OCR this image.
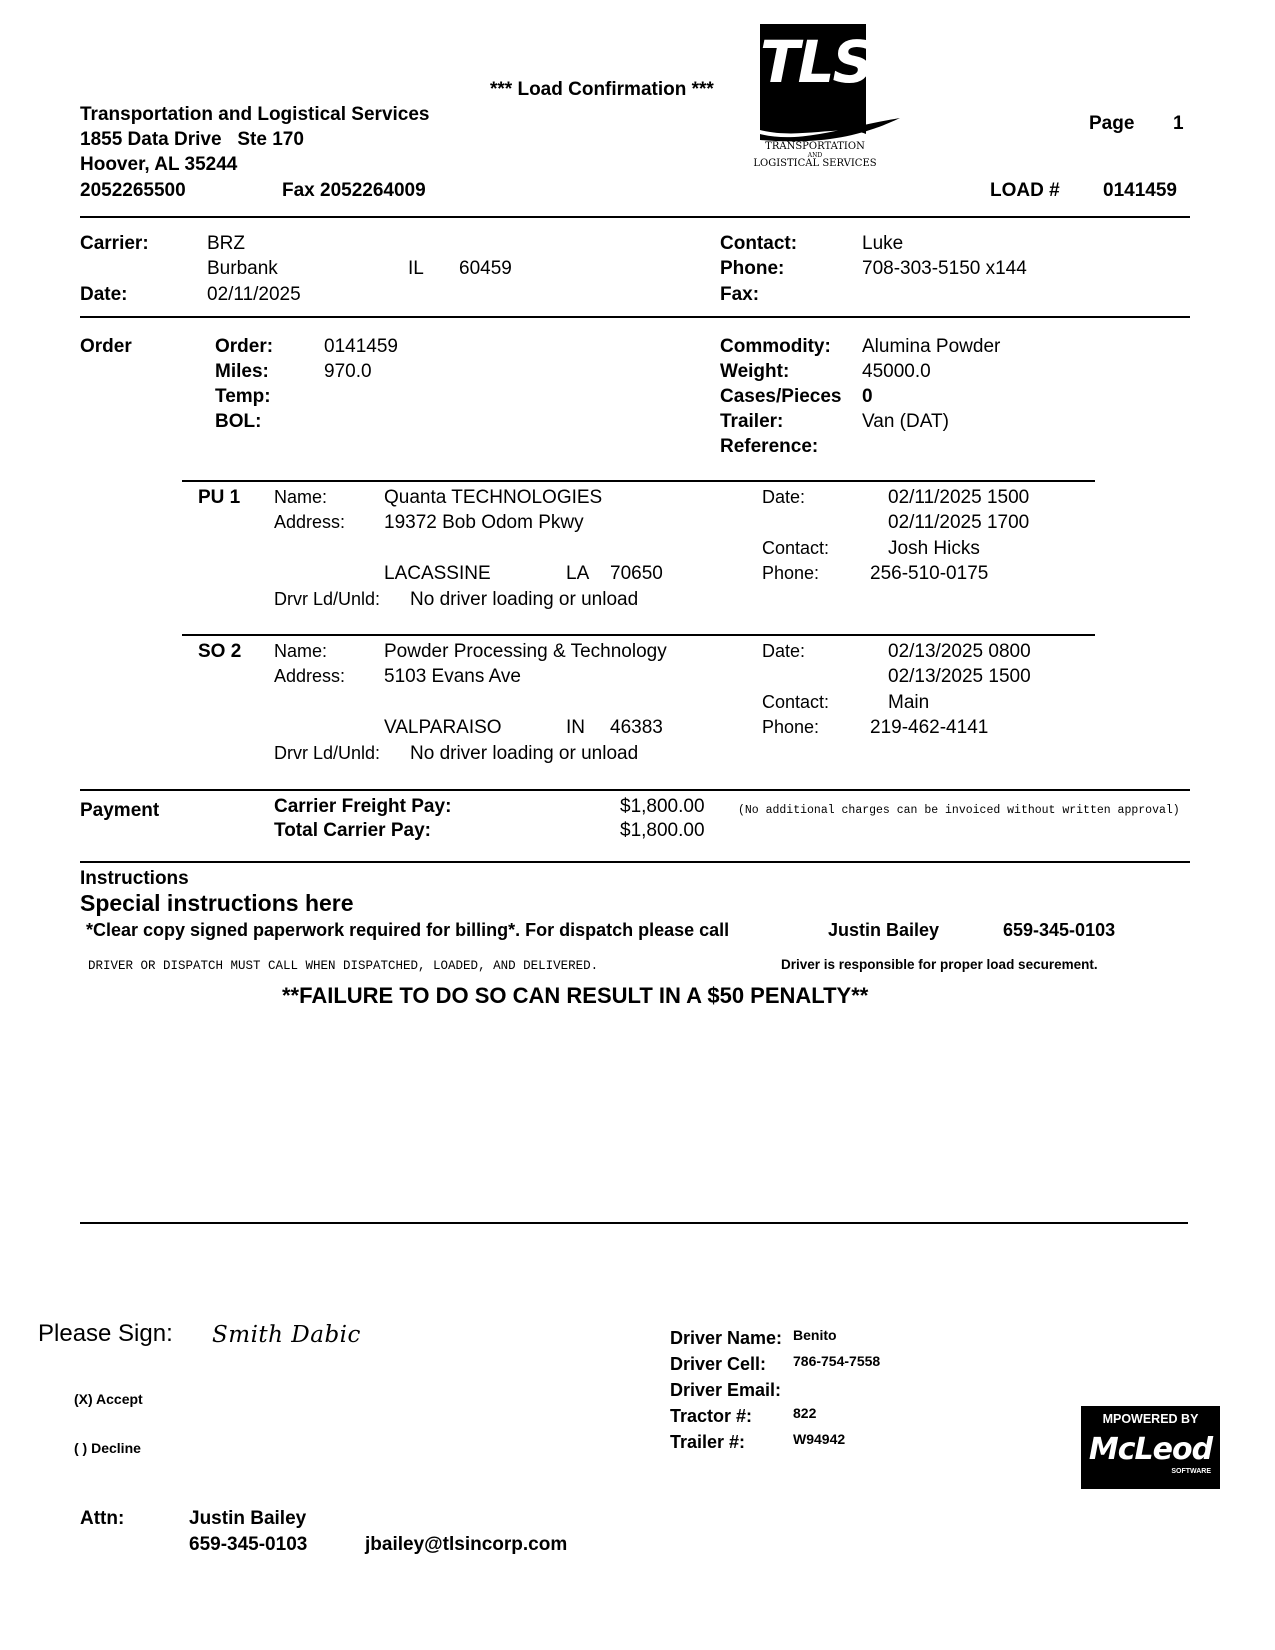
*** Load Confirmation ***
Transportation and Logistical Services
1855 Data Drive   Ste 170
Hoover, AL 35244
2052265500	Fax 2052264009
TLS
TRANSPORTATION
AND
LOGISTICAL SERVICES
Page 1
LOAD # 0141459
Carrier:	BRZ
Burbank	IL 60459
Date:	02/11/2025
Contact:	Luke
Phone:	708-303-5150 x144
Fax:
Order	Order:	0141459
Miles:	970.0
Temp:
BOL:
Commodity: Alumina Powder
Weight:	45000.0
Cases/Pieces 0
Trailer:	Van (DAT)
Reference:
PU 1 Name:	Quanta TECHNOLOGIES
Address: 19372 Bob Odom Pkwy
LACASSINE	LA 70650
Drvr Ld/Unld: No driver loading or unload
Date:	02/11/2025 1500
02/11/2025 1700
Contact:	Josh Hicks
Phone:	256-510-0175
SO 2 Name:	Powder Processing & Technology
Address: 5103 Evans Ave
VALPARAISO	IN 46383
Drvr Ld/Unld: No driver loading or unload
Date:	02/13/2025 0800
02/13/2025 1500
Contact:	Main
Phone:	219-462-4141
Payment	Carrier Freight Pay:	$1,800.00
Total Carrier Pay:	$1,800.00
(No additional charges can be invoiced without written approval)
Instructions
Special instructions here
*Clear copy signed paperwork required for billing*. For dispatch please call	Justin Bailey	659-345-0103
DRIVER OR DISPATCH MUST CALL WHEN DISPATCHED, LOADED, AND DELIVERED.	Driver is responsible for proper load securement.
**FAILURE TO DO SO CAN RESULT IN A $50 PENALTY**
Please Sign: Smith Dabic
(X) Accept
( ) Decline
Driver Name: Benito
Driver Cell: 786-754-7558
Driver Email:
Tractor #:	822
Trailer #:	W94942
MPOWERED BY
McLeod
SOFTWARE
Attn:	Justin Bailey
659-345-0103	jbailey@tlsincorp.com
